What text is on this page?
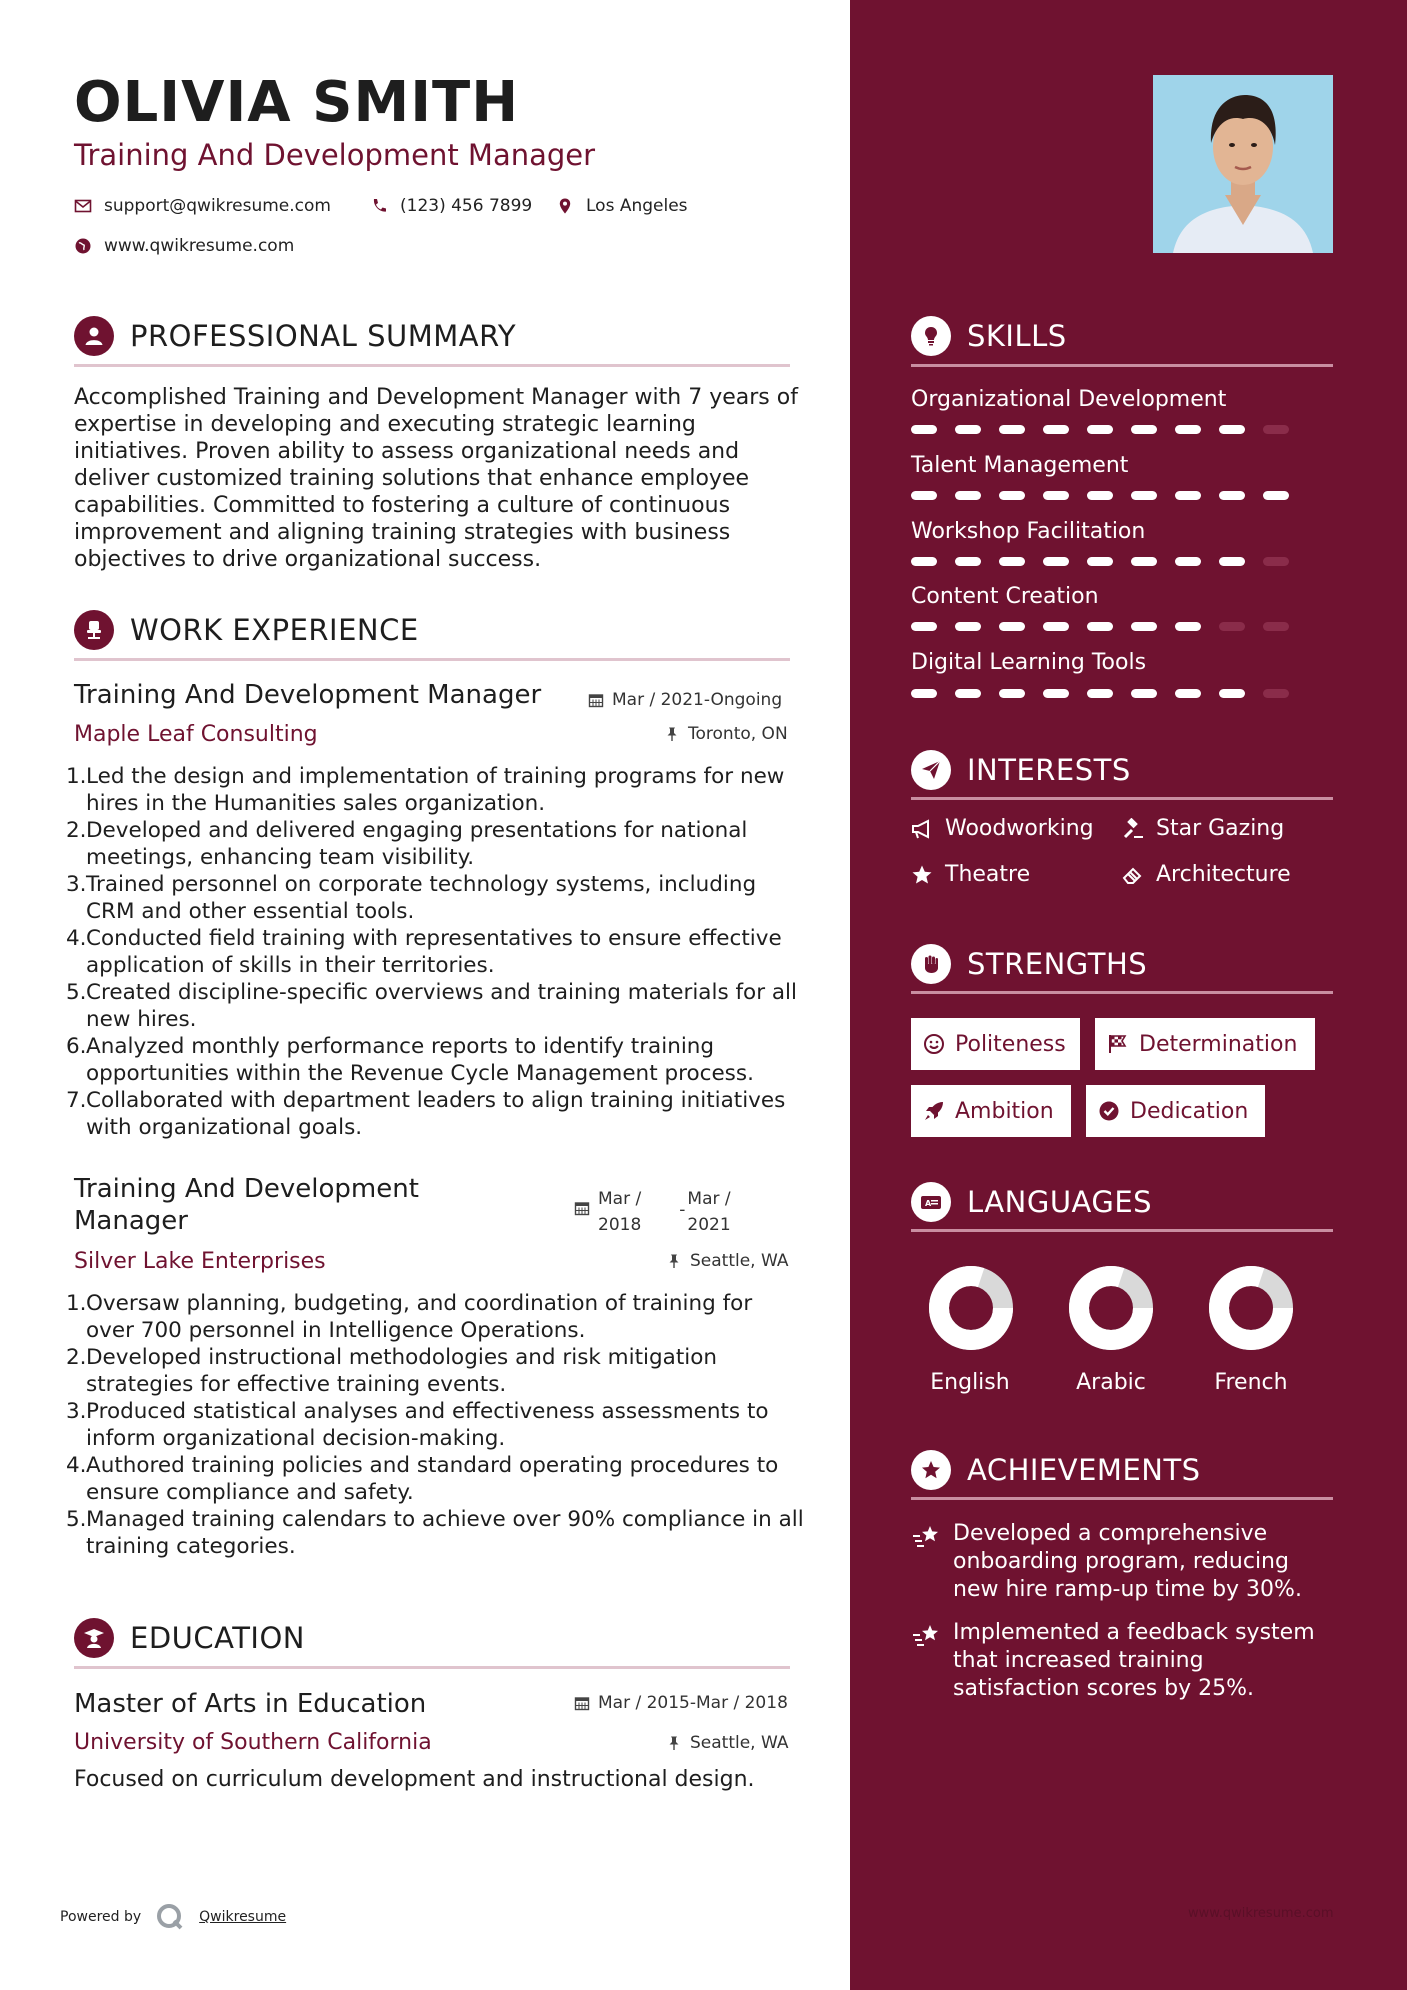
OLIVIA SMITH
Training And Development Manager
support@qwikresume.com	(123) 456 7899	Los Angeles
www.qwikresume.com
PROFESSIONAL SUMMARY
Accomplished Training and Development Manager with 7 years of expertise in developing and executing strategic learning initiatives. Proven ability to assess organizational needs and deliver customized training solutions that enhance employee capabilities. Committed to fostering a culture of continuous improvement and aligning training strategies with business objectives to drive organizational success.
WORK EXPERIENCE
Training And Development Manager	Mar / 2021-Ongoing
Maple Leaf Consulting	Toronto, ON
1. Led the design and implementation of training programs for new hires in the Humanities sales organization.
2. Developed and delivered engaging presentations for national meetings, enhancing team visibility.
3. Trained personnel on corporate technology systems, including CRM and other essential tools.
4. Conducted field training with representatives to ensure effective application of skills in their territories.
5. Created discipline-specific overviews and training materials for all new hires.
6. Analyzed monthly performance reports to identify training opportunities within the Revenue Cycle Management process.
7. Collaborated with department leaders to align training initiatives with organizational goals.
Training And Development
Manager
Mar /
2018
-
Mar /
2021
Silver Lake Enterprises	Seattle, WA
1. Oversaw planning, budgeting, and coordination of training for over 700 personnel in Intelligence Operations.
2. Developed instructional methodologies and risk mitigation strategies for effective training events.
3. Produced statistical analyses and effectiveness assessments to inform organizational decision-making.
4. Authored training policies and standard operating procedures to ensure compliance and safety.
5. Managed training calendars to achieve over 90% compliance in all training categories.
EDUCATION
Master of Arts in Education	Mar / 2015-Mar / 2018
University of Southern California	Seattle, WA
Focused on curriculum development and instructional design.
Powered by	Qwikresume
SKILLS
Organizational Development
Talent Management
Workshop Facilitation
Content Creation
Digital Learning Tools
INTERESTS
Woodworking	Star Gazing
Theatre	Architecture
STRENGTHS
Politeness	Determination
Ambition	Dedication
A LANGUAGES
English	Arabic	French
ACHIEVEMENTS
Developed a comprehensive
onboarding program, reducing
new hire ramp-up time by 30%.
Implemented a feedback system
that increased training
satisfaction scores by 25%.
www.qwikresume.com
